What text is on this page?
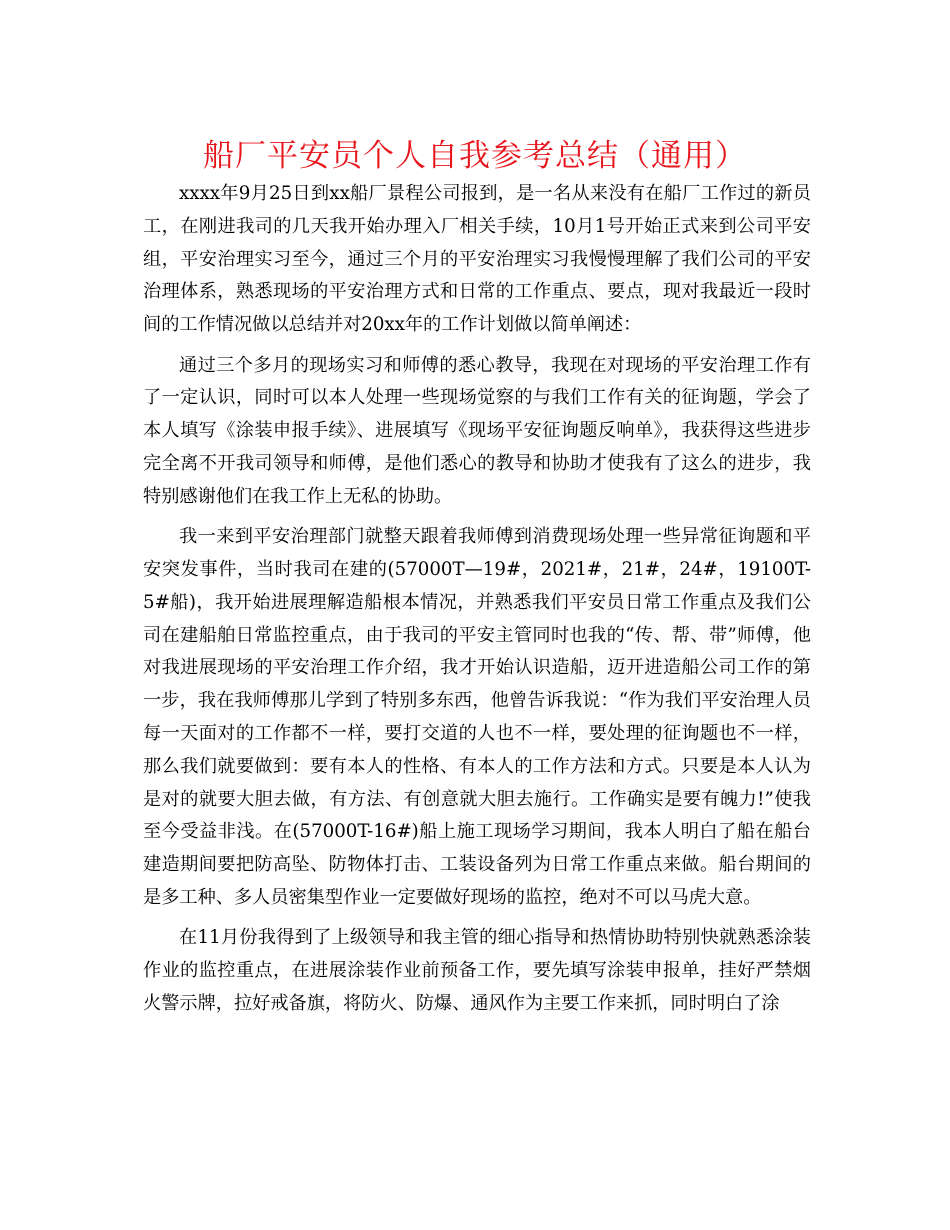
船厂平安员个人自我参考总结（通用）

xxxx年9月25日到xx船厂景程公司报到，是一名从来没有在船厂工作过的新员工，在刚进我司的几天我开始办理入厂相关手续，10月1号开始正式来到公司平安组，平安治理实习至今，通过三个月的平安治理实习我慢慢理解了我们公司的平安治理体系，熟悉现场的平安治理方式和日常的工作重点、要点，现对我最近一段时间的工作情况做以总结并对20xx年的工作计划做以简单阐述：

通过三个多月的现场实习和师傅的悉心教导，我现在对现场的平安治理工作有了一定认识，同时可以本人处理一些现场觉察的与我们工作有关的征询题，学会了本人填写《涂装申报手续》、进展填写《现场平安征询题反响单》，我获得这些进步完全离不开我司领导和师傅，是他们悉心的教导和协助才使我有了这么的进步，我特别感谢他们在我工作上无私的协助。

我一来到平安治理部门就整天跟着我师傅到消费现场处理一些异常征询题和平安突发事件，当时我司在建的(57000T—19#，2021#，21#，24#，19100T-5#船)，我开始进展理解造船根本情况，并熟悉我们平安员日常工作重点及我们公司在建船舶日常监控重点，由于我司的平安主管同时也我的“传、帮、带”师傅，他对我进展现场的平安治理工作介绍，我才开始认识造船，迈开进造船公司工作的第一步，我在我师傅那儿学到了特别多东西，他曾告诉我说：“作为我们平安治理人员每一天面对的工作都不一样，要打交道的人也不一样，要处理的征询题也不一样，那么我们就要做到：要有本人的性格、有本人的工作方法和方式。只要是本人认为是对的就要大胆去做，有方法、有创意就大胆去施行。工作确实是要有魄力!”使我至今受益非浅。在(57000T-16#)船上施工现场学习期间，我本人明白了船在船台建造期间要把防高坠、防物体打击、工装设备列为日常工作重点来做。船台期间的是多工种、多人员密集型作业一定要做好现场的监控，绝对不可以马虎大意。

在11月份我得到了上级领导和我主管的细心指导和热情协助特别快就熟悉涂装作业的监控重点，在进展涂装作业前预备工作，要先填写涂装申报单，挂好严禁烟火警示牌，拉好戒备旗，将防火、防爆、通风作为主要工作来抓，同时明白了涂
